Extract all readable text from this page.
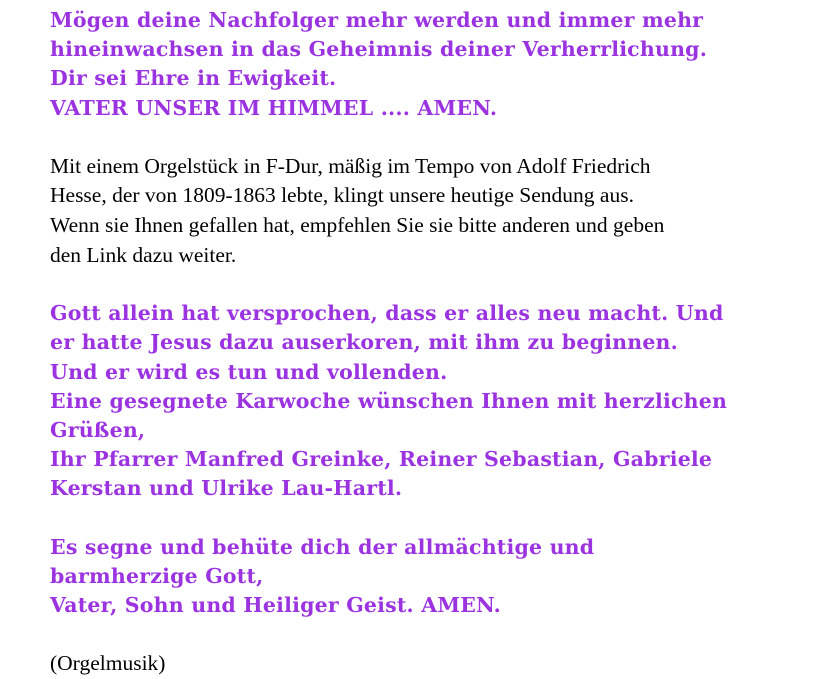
Mögen deine Nachfolger mehr werden und immer mehr
hineinwachsen in das Geheimnis deiner Verherrlichung.
Dir sei Ehre in Ewigkeit.
VATER UNSER IM HIMMEL .... AMEN.
Mit einem Orgelstück in F-Dur, mäßig im Tempo von Adolf Friedrich
Hesse, der von 1809-1863 lebte, klingt unsere heutige Sendung aus.
Wenn sie Ihnen gefallen hat, empfehlen Sie sie bitte anderen und geben
den Link dazu weiter.
Gott allein hat versprochen, dass er alles neu macht. Und
er hatte Jesus dazu auserkoren, mit ihm zu beginnen.
Und er wird es tun und vollenden.
Eine gesegnete Karwoche wünschen Ihnen mit herzlichen
Grüßen,
Ihr Pfarrer Manfred Greinke, Reiner Sebastian, Gabriele
Kerstan und Ulrike Lau-Hartl.
Es segne und behüte dich der allmächtige und
barmherzige Gott,
Vater, Sohn und Heiliger Geist. AMEN.
(Orgelmusik)
